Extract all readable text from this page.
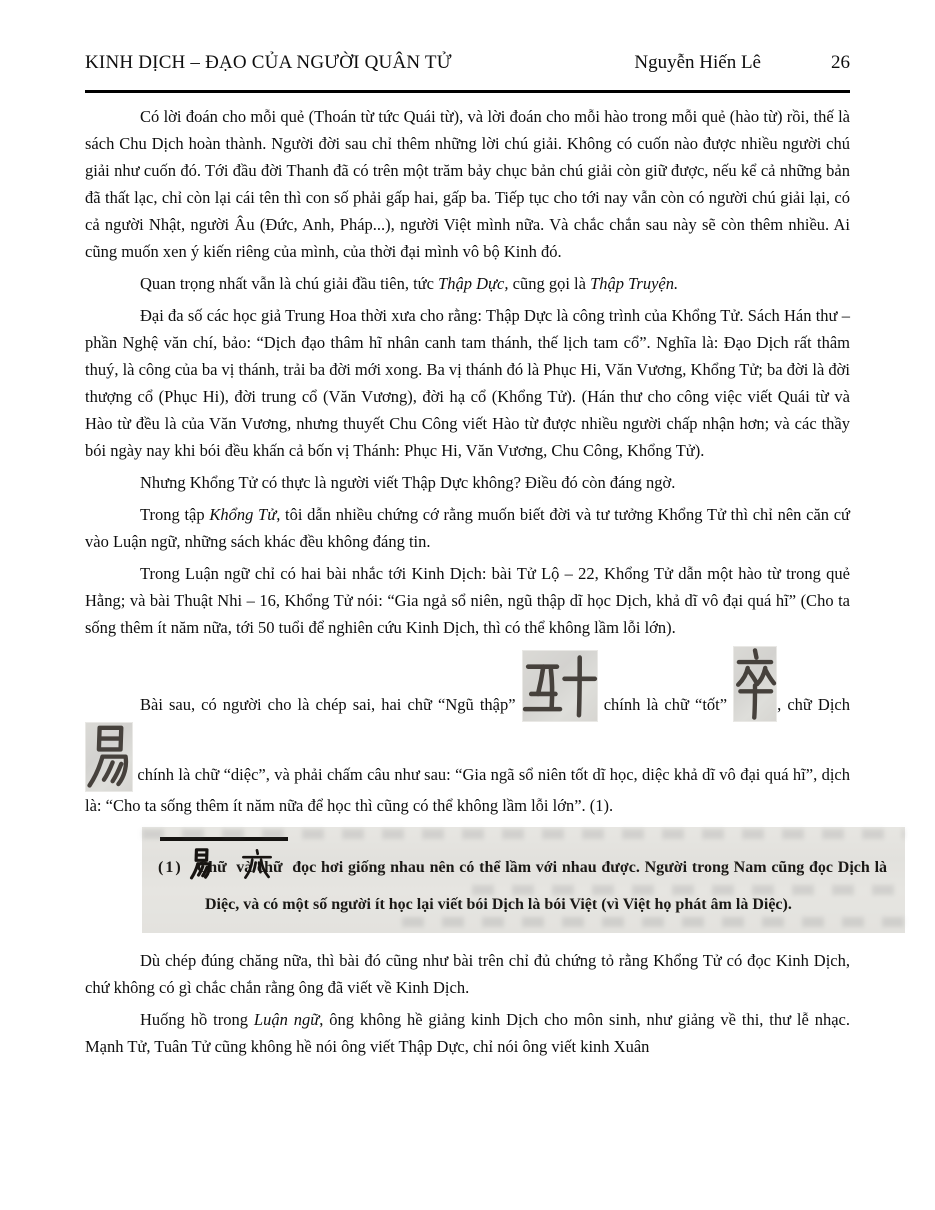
KINH DỊCH – ĐẠO CỦA NGƯỜI QUÂN TỬ	Nguyễn Hiến Lê	26

Có lời đoán cho mỗi quẻ (Thoán từ tức Quái từ), và lời đoán cho mỗi hào trong mỗi quẻ (hào từ) rồi, thế là sách Chu Dịch hoàn thành. Người đời sau chỉ thêm những lời chú giải. Không có cuốn nào được nhiều người chú giải như cuốn đó. Tới đầu đời Thanh đã có trên một trăm bảy chục bản chú giải còn giữ được, nếu kể cả những bản đã thất lạc, chỉ còn lại cái tên thì con số phải gấp hai, gấp ba. Tiếp tục cho tới nay vẫn còn có người chú giải lại, có cả người Nhật, người Âu (Đức, Anh, Pháp...), người Việt mình nữa. Và chắc chắn sau này sẽ còn thêm nhiều. Ai cũng muốn xen ý kiến riêng của mình, của thời đại mình vô bộ Kinh đó.

Quan trọng nhất vẫn là chú giải đầu tiên, tức Thập Dực, cũng gọi là Thập Truyện.

Đại đa số các học giả Trung Hoa thời xưa cho rằng: Thập Dực là công trình của Khổng Tử. Sách Hán thư – phần Nghệ văn chí, bảo: “Dịch đạo thâm hĩ nhân canh tam thánh, thế lịch tam cổ”. Nghĩa là: Đạo Dịch rất thâm thuý, là công của ba vị thánh, trải ba đời mới xong. Ba vị thánh đó là Phục Hi, Văn Vương, Khổng Tử; ba đời là đời thượng cổ (Phục Hi), đời trung cổ (Văn Vương), đời hạ cổ (Khổng Tử). (Hán thư cho công việc viết Quái từ và Hào từ đều là của Văn Vương, nhưng thuyết Chu Công viết Hào từ được nhiều người chấp nhận hơn; và các thầy bói ngày nay khi bói đều khấn cả bốn vị Thánh: Phục Hi, Văn Vương, Chu Công, Khổng Tử).

Nhưng Khổng Tử có thực là người viết Thập Dực không? Điều đó còn đáng ngờ.

Trong tập Khổng Tử, tôi dẫn nhiều chứng cớ rằng muốn biết đời và tư tưởng Khổng Tử thì chỉ nên căn cứ vào Luận ngữ, những sách khác đều không đáng tin.

Trong Luận ngữ chỉ có hai bài nhắc tới Kinh Dịch: bài Tử Lộ – 22, Khổng Tử dẫn một hào từ trong quẻ Hằng; và bài Thuật Nhi – 16, Khổng Tử nói: “Gia ngả sổ niên, ngũ thập dĩ học Dịch, khả dĩ vô đại quá hĩ” (Cho ta sống thêm ít năm nữa, tới 50 tuổi để nghiên cứu Kinh Dịch, thì có thể không lầm lỗi lớn).

Bài sau, có người cho là chép sai, hai chữ “Ngũ thập”	chính là chữ “tốt”	, chữ Dịch
chính là chữ “diệc”, và phải chấm câu như sau: “Gia ngã sổ niên tốt dĩ học, diệc khả dĩ vô đại quá hĩ”, dịch là: “Cho ta sống thêm ít năm nữa để học thì cũng có thể không lầm lỗi lớn”. (1).

(1) Chữ  và chữ  đọc hơi giống nhau nên có thể lầm với nhau được. Người trong Nam cũng đọc Dịch là Diệc, và có một số người ít học lại viết bói Dịch là bói Việt (vì Việt họ phát âm là Diệc).

Dù chép đúng chăng nữa, thì bài đó cũng như bài trên chỉ đủ chứng tỏ rằng Khổng Tử có đọc Kinh Dịch, chứ không có gì chắc chắn rằng ông đã viết về Kinh Dịch.

Huống hồ trong Luận ngữ, ông không hề giảng kinh Dịch cho môn sinh, như giảng về thi, thư lễ nhạc. Mạnh Tử, Tuân Tử cũng không hề nói ông viết Thập Dực, chỉ nói ông viết kinh Xuân
